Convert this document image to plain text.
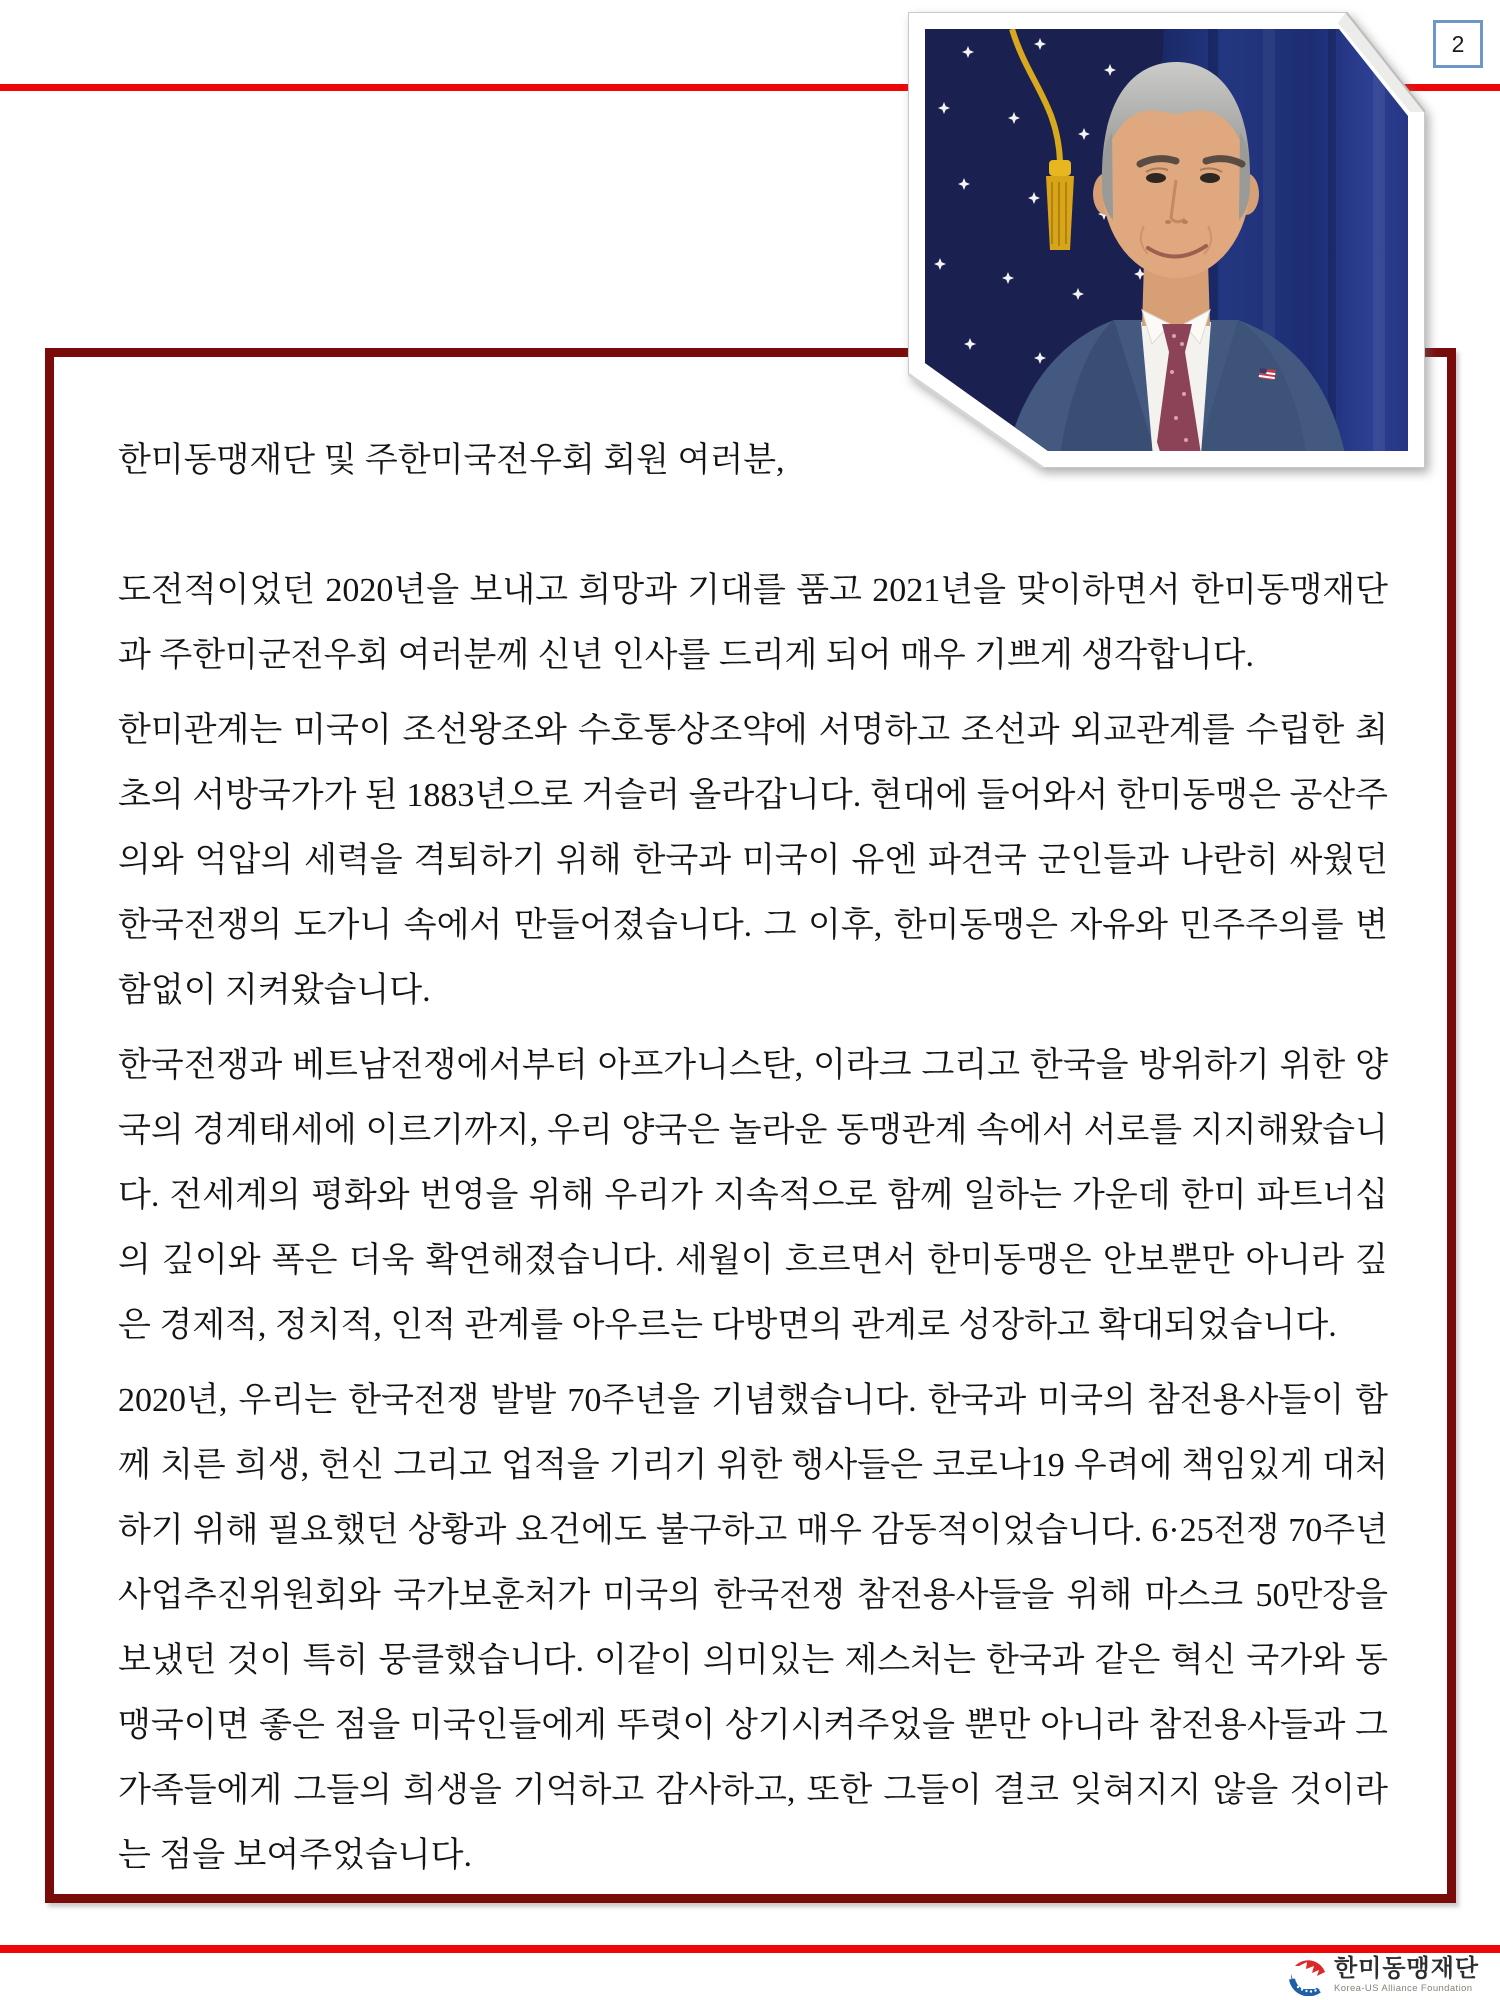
2

한미동맹재단 및 주한미국전우회 회원 여러분,

도전적이었던 2020년을 보내고 희망과 기대를 품고 2021년을 맞이하면서 한미동맹재단과 주한미군전우회 여러분께 신년 인사를 드리게 되어 매우 기쁘게 생각합니다.

한미관계는 미국이 조선왕조와 수호통상조약에 서명하고 조선과 외교관계를 수립한 최초의 서방국가가 된 1883년으로 거슬러 올라갑니다. 현대에 들어와서 한미동맹은 공산주의와 억압의 세력을 격퇴하기 위해 한국과 미국이 유엔 파견국 군인들과 나란히 싸웠던 한국전쟁의 도가니 속에서 만들어졌습니다. 그 이후, 한미동맹은 자유와 민주주의를 변함없이 지켜왔습니다.

한국전쟁과 베트남전쟁에서부터 아프가니스탄, 이라크 그리고 한국을 방위하기 위한 양국의 경계태세에 이르기까지, 우리 양국은 놀라운 동맹관계 속에서 서로를 지지해왔습니다. 전세계의 평화와 번영을 위해 우리가 지속적으로 함께 일하는 가운데 한미 파트너십의 깊이와 폭은 더욱 확연해졌습니다. 세월이 흐르면서 한미동맹은 안보뿐만 아니라 깊은 경제적, 정치적, 인적 관계를 아우르는 다방면의 관계로 성장하고 확대되었습니다.

2020년, 우리는 한국전쟁 발발 70주년을 기념했습니다. 한국과 미국의 참전용사들이 함께 치른 희생, 헌신 그리고 업적을 기리기 위한 행사들은 코로나19 우려에 책임있게 대처하기 위해 필요했던 상황과 요건에도 불구하고 매우 감동적이었습니다. 6·25전쟁 70주년 사업추진위원회와 국가보훈처가 미국의 한국전쟁 참전용사들을 위해 마스크 50만장을 보냈던 것이 특히 뭉클했습니다. 이같이 의미있는 제스처는 한국과 같은 혁신 국가와 동맹국이면 좋은 점을 미국인들에게 뚜렷이 상기시켜주었을 뿐만 아니라 참전용사들과 그 가족들에게 그들의 희생을 기억하고 감사하고, 또한 그들이 결코 잊혀지지 않을 것이라는 점을 보여주었습니다.

한미동맹재단
Korea-US Alliance Foundation
